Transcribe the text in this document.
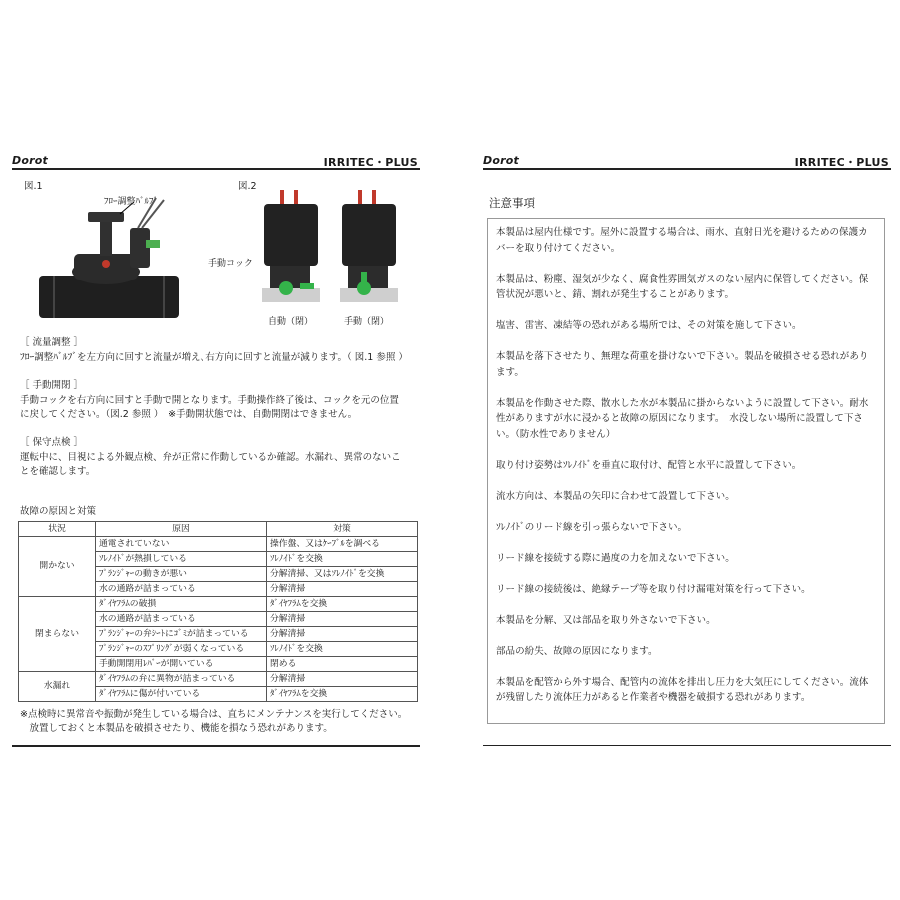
Dorot	IRRITEC・PLUS
図.1	図.2
ﾌﾛｰ調整ﾊﾞﾙﾌﾞ
手動コック
自動（閉）	手動（閉）
［ 流量調整 ］
ﾌﾛｰ調整ﾊﾞﾙﾌﾞを左方向に回すと流量が増え､右方向に回すと流量が減ります。（ 図.1 参照 ）
［ 手動開閉 ］
手動コックを右方向に回すと手動で開となります。手動操作終了後は、コックを元の位置
に戻してください。（図.2 参照 ）　※手動開状態では、自動開閉はできません。
［ 保守点検 ］
運転中に、目視による外観点検、弁が正常に作動しているか確認。水漏れ、異常のないこ
とを確認します。
故障の原因と対策
状況	原因	対策
開かない	通電されていない	操作盤、又はｹｰﾌﾞﾙを調べる
	ｿﾚﾉｲﾄﾞが熱損している	ｿﾚﾉｲﾄﾞを交換
	ﾌﾟﾗﾝｼﾞｬｰの動きが悪い	分解清掃、又はｿﾚﾉｲﾄﾞを交換
	水の通路が詰まっている	分解清掃
閉まらない	ﾀﾞｲﾔﾌﾗﾑの破損	ﾀﾞｲﾔﾌﾗﾑを交換
	水の通路が詰まっている	分解清掃
	ﾌﾟﾗﾝｼﾞｬｰの弁ｼｰﾄにｺﾞﾐが詰まっている	分解清掃
	ﾌﾟﾗﾝｼﾞｬｰのｽﾌﾟﾘﾝｸﾞが弱くなっている	ｿﾚﾉｲﾄﾞを交換
	手動開閉用ﾚﾊﾞｰが開いている	閉める
水漏れ	ﾀﾞｲﾔﾌﾗﾑの弁に異物が詰まっている	分解清掃
	ﾀﾞｲﾔﾌﾗﾑに傷が付いている	ﾀﾞｲﾔﾌﾗﾑを交換
※点検時に異常音や振動が発生している場合は、直ちにメンテナンスを実行してください。
　放置しておくと本製品を破損させたり、機能を損なう恐れがあります。
Dorot	IRRITEC・PLUS
注意事項

本製品は屋内仕様です。屋外に設置する場合は、雨水、直射日光を避けるための保護カバーを取り付けてください。

本製品は、粉塵、湿気が少なく、腐食性雰囲気ガスのない屋内に保管してください。保管状況が悪いと、錆、割れが発生することがあります。

塩害、雷害、凍結等の恐れがある場所では、その対策を施して下さい。

本製品を落下させたり、無理な荷重を掛けないで下さい。製品を破損させる恐れがあります。

本製品を作動させた際、散水した水が本製品に掛からないように設置して下さい。耐水性がありますが水に浸かると故障の原因になります。　水没しない場所に設置して下さい。（防水性でありません）

取り付け姿勢はｿﾚﾉｲﾄﾞを垂直に取付け、配管と水平に設置して下さい。

流水方向は、本製品の矢印に合わせて設置して下さい。

ｿﾚﾉｲﾄﾞのリード線を引っ張らないで下さい。

リード線を接続する際に過度の力を加えないで下さい。

リード線の接続後は、絶縁テープ等を取り付け漏電対策を行って下さい。

本製品を分解、又は部品を取り外さないで下さい。

部品の紛失、故障の原因になります。

本製品を配管から外す場合、配管内の流体を排出し圧力を大気圧にしてください。流体が残留したり流体圧力があると作業者や機器を破損する恐れがあります。
